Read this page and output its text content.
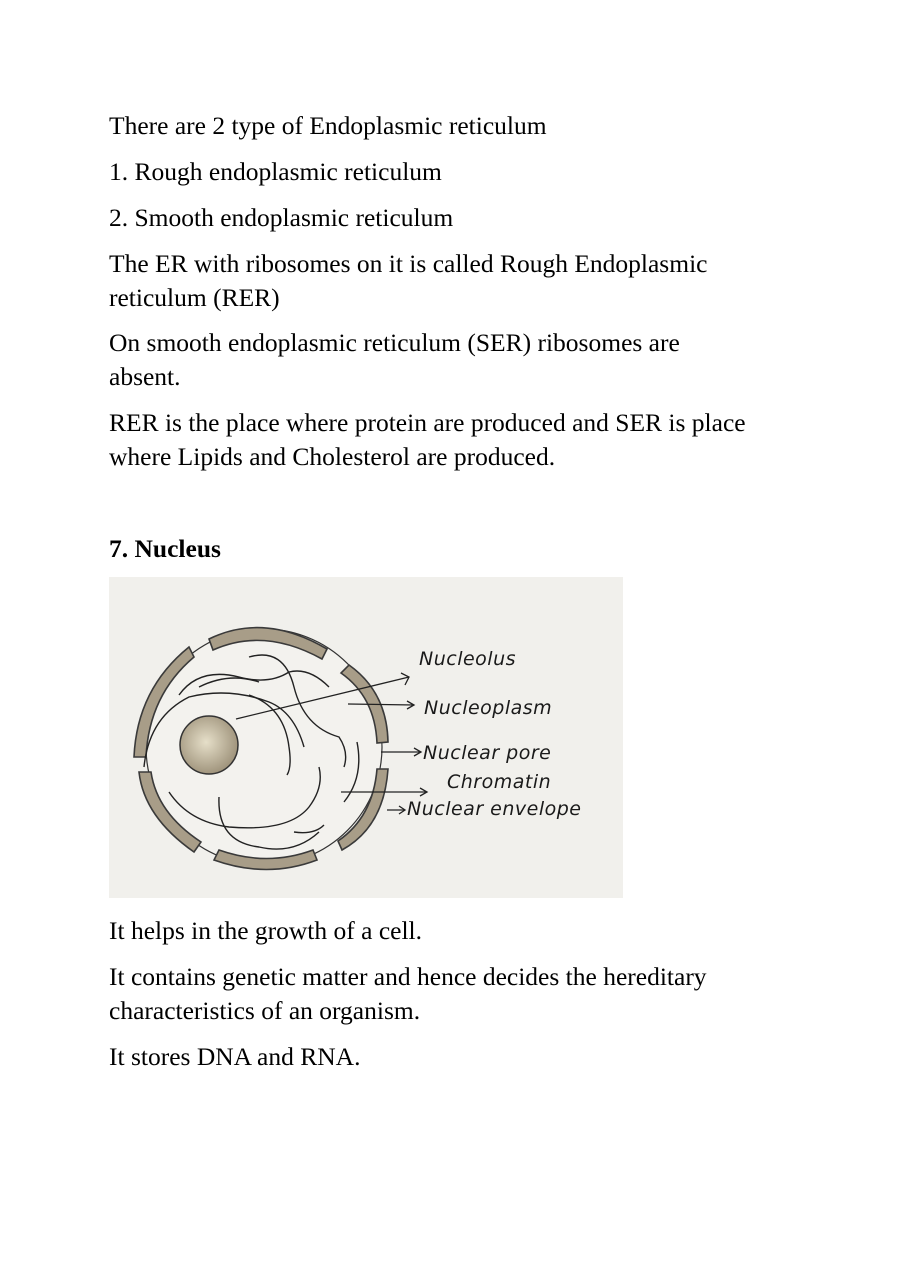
There are 2 type of Endoplasmic reticulum

1. Rough endoplasmic reticulum

2. Smooth endoplasmic reticulum

The ER with ribosomes on it is called Rough Endoplasmic

reticulum (RER)

On smooth endoplasmic reticulum (SER) ribosomes are

absent.

RER is the place where protein are produced and SER is place

where Lipids and Cholesterol are produced.

7. Nucleus

Nucleolus
Nucleoplasm
Nuclear pore
Chromatin
Nuclear envelope

It helps in the growth of a cell.

It contains genetic matter and hence decides the hereditary

characteristics of an organism.

It stores DNA and RNA.
